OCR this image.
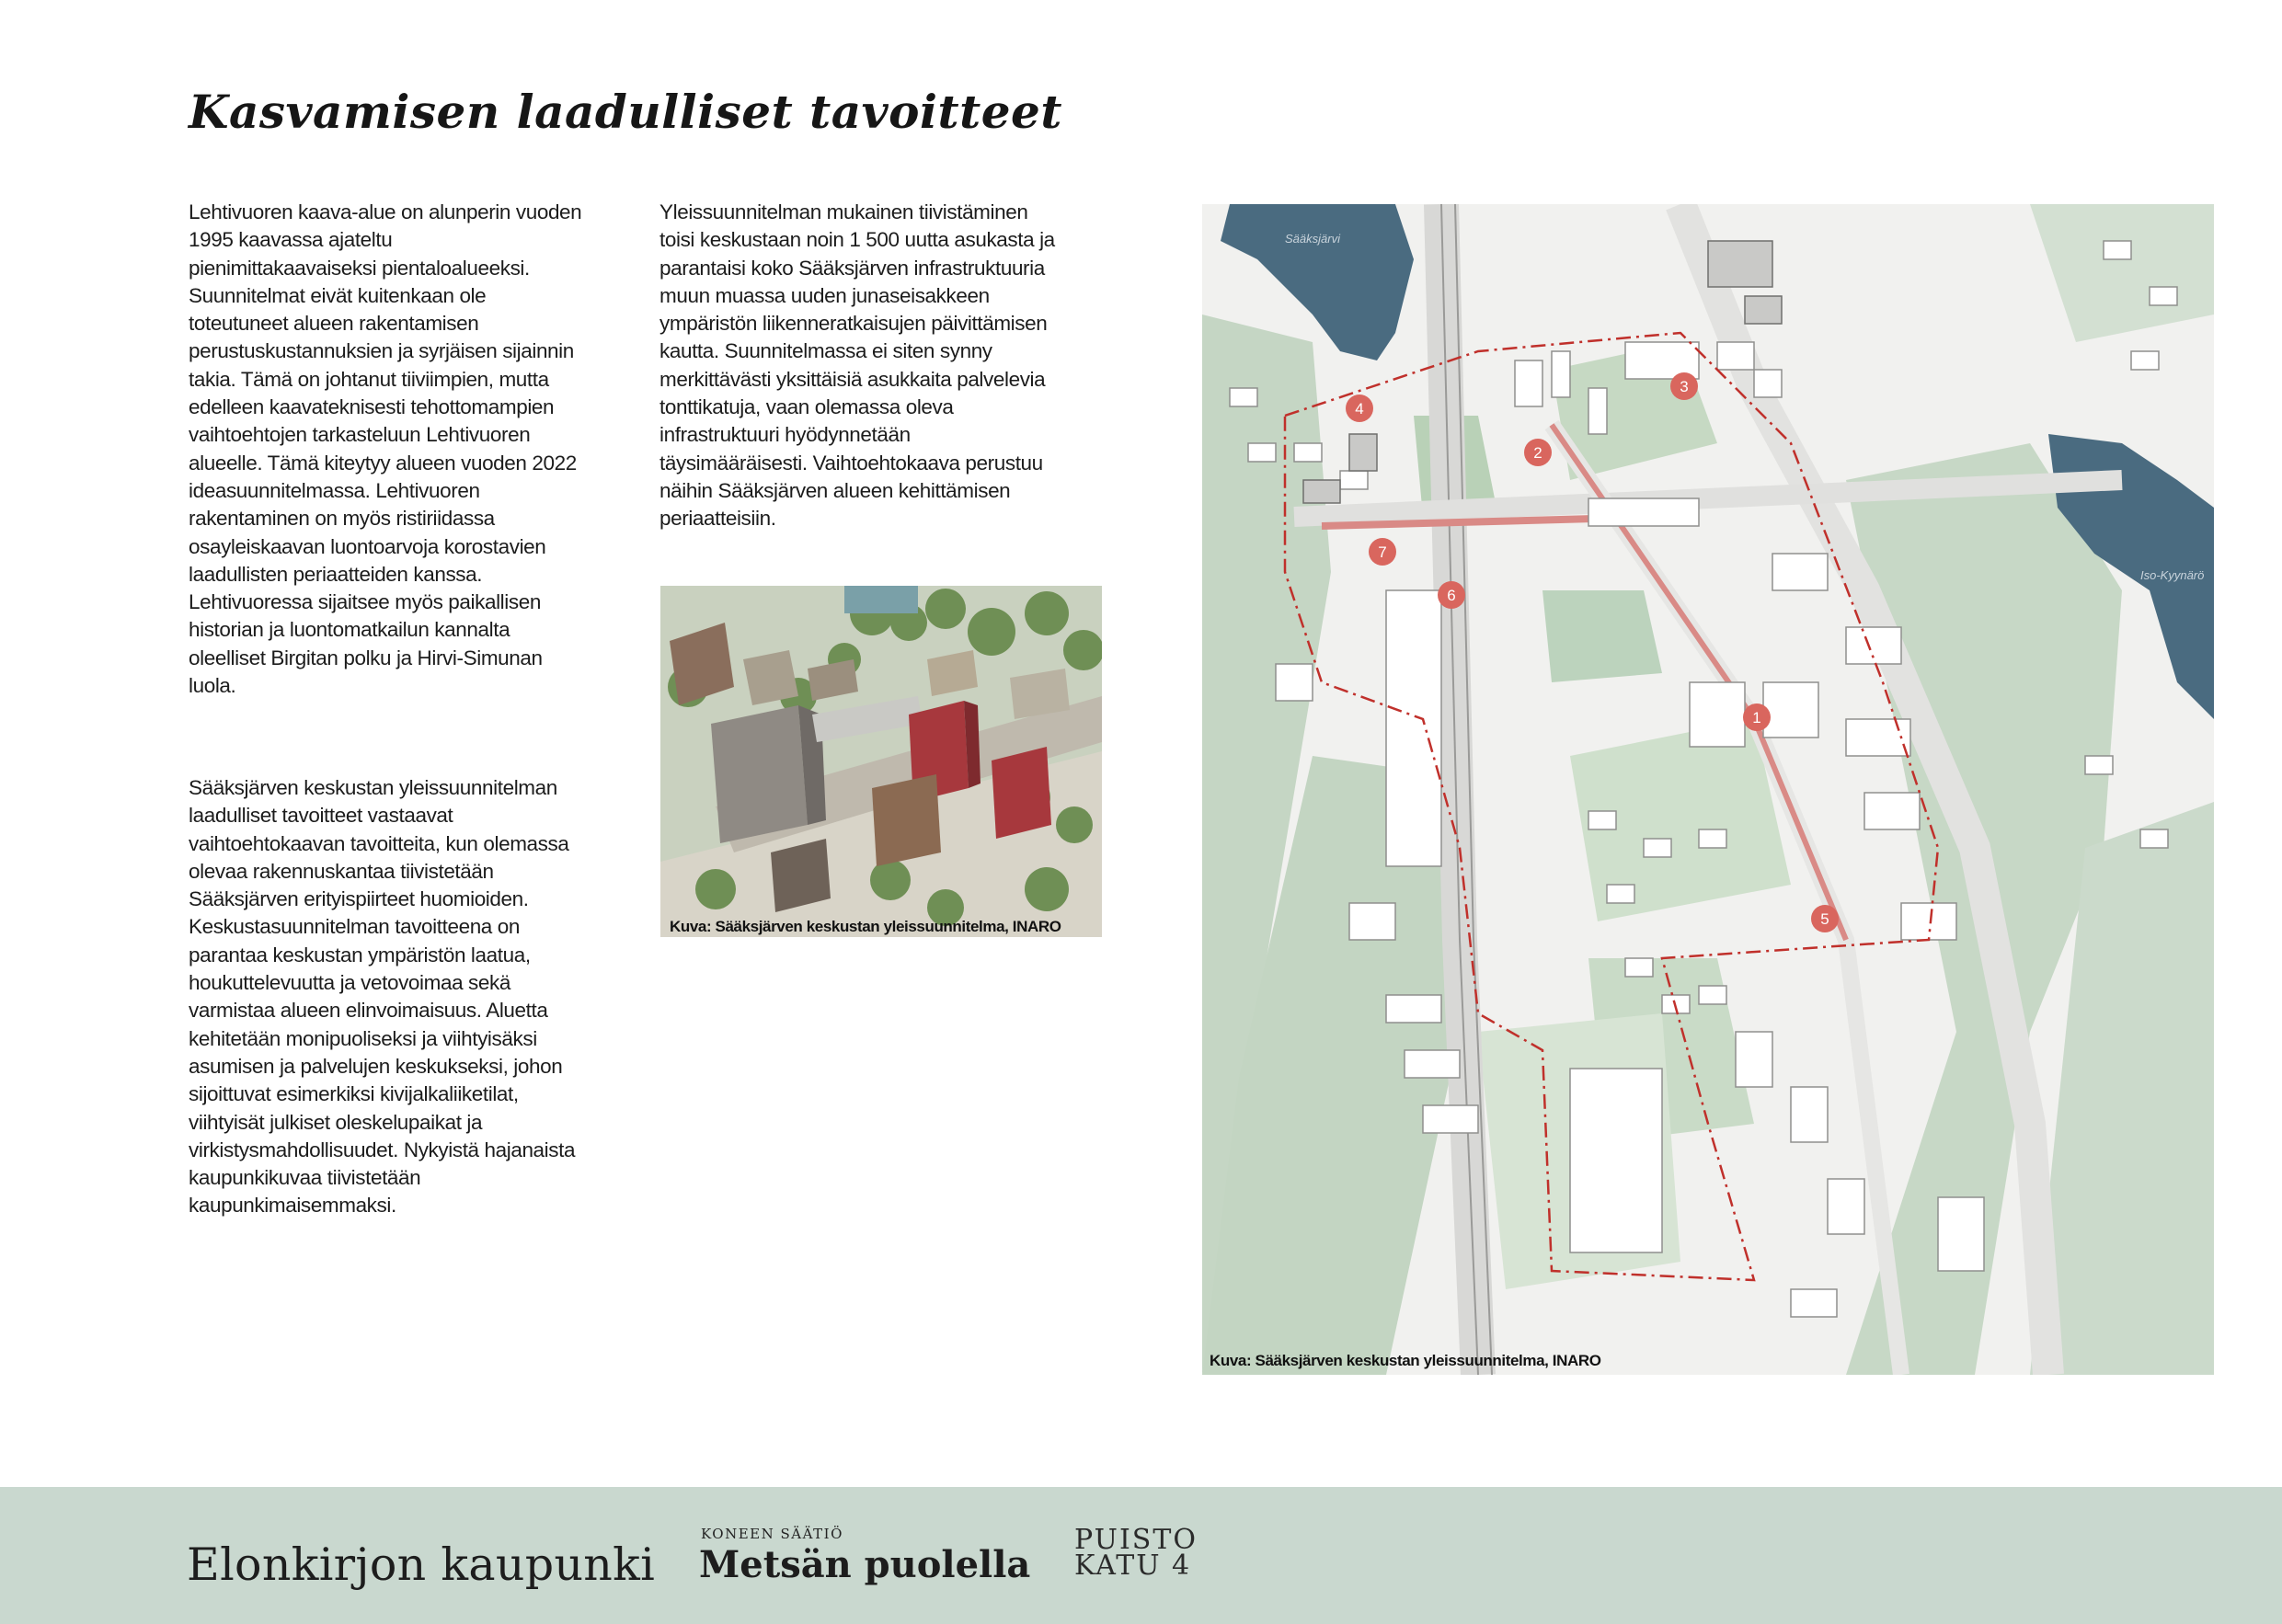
Kasvamisen laadulliset tavoitteet

Lehtivuoren kaava-alue on alunperin vuoden
1995 kaavassa ajateltu
pienimittakaavaiseksi pientaloalueeksi.
Suunnitelmat eivät kuitenkaan ole
toteutuneet alueen rakentamisen
perustuskustannuksien ja syrjäisen sijainnin
takia. Tämä on johtanut tiiviimpien, mutta
edelleen kaavateknisesti tehottomampien
vaihtoehtojen tarkasteluun Lehtivuoren
alueelle. Tämä kiteytyy alueen vuoden 2022
ideasuunnitelmassa. Lehtivuoren
rakentaminen on myös ristiriidassa
osayleiskaavan luontoarvoja korostavien
laadullisten periaatteiden kanssa.
Lehtivuoressa sijaitsee myös paikallisen
historian ja luontomatkailun kannalta
oleelliset Birgitan polku ja Hirvi-Simunan
luola.

Sääksjärven keskustan yleissuunnitelman
laadulliset tavoitteet vastaavat
vaihtoehtokaavan tavoitteita, kun olemassa
olevaa rakennuskantaa tiivistetään
Sääksjärven erityispiirteet huomioiden.
Keskustasuunnitelman tavoitteena on
parantaa keskustan ympäristön laatua,
houkuttelevuutta ja vetovoimaa sekä
varmistaa alueen elinvoimaisuus. Aluetta
kehitetään monipuoliseksi ja viihtyisäksi
asumisen ja palvelujen keskukseksi, johon
sijoittuvat esimerkiksi kivijalkaliiketilat,
viihtyisät julkiset oleskelupaikat ja
virkistysmahdollisuudet. Nykyistä hajanaista
kaupunkikuvaa tiivistetään
kaupunkimaisemmaksi.

Yleissuunnitelman mukainen tiivistäminen
toisi keskustaan noin 1 500 uutta asukasta ja
parantaisi koko Sääksjärven infrastruktuuria
muun muassa uuden junaseisakkeen
ympäristön liikenneratkaisujen päivittämisen
kautta. Suunnitelmassa ei siten synny
merkittävästi yksittäisiä asukkaita palvelevia
tonttikatuja, vaan olemassa oleva
infrastruktuuri hyödynnetään
täysimääräisesti. Vaihtoehtokaava perustuu
näihin Sääksjärven alueen kehittämisen
periaatteisiin.

Kuva: Sääksjärven keskustan yleissuunnitelma, INARO
Sääksjärvi
Iso-Kyynärö
1
2
3
4
5
6
7
Kuva: Sääksjärven keskustan yleissuunnitelma, INARO
Elonkirjon kaupunki
KONEEN SÄÄTIÖ
Metsän puolella
PUISTO
KATU 4
